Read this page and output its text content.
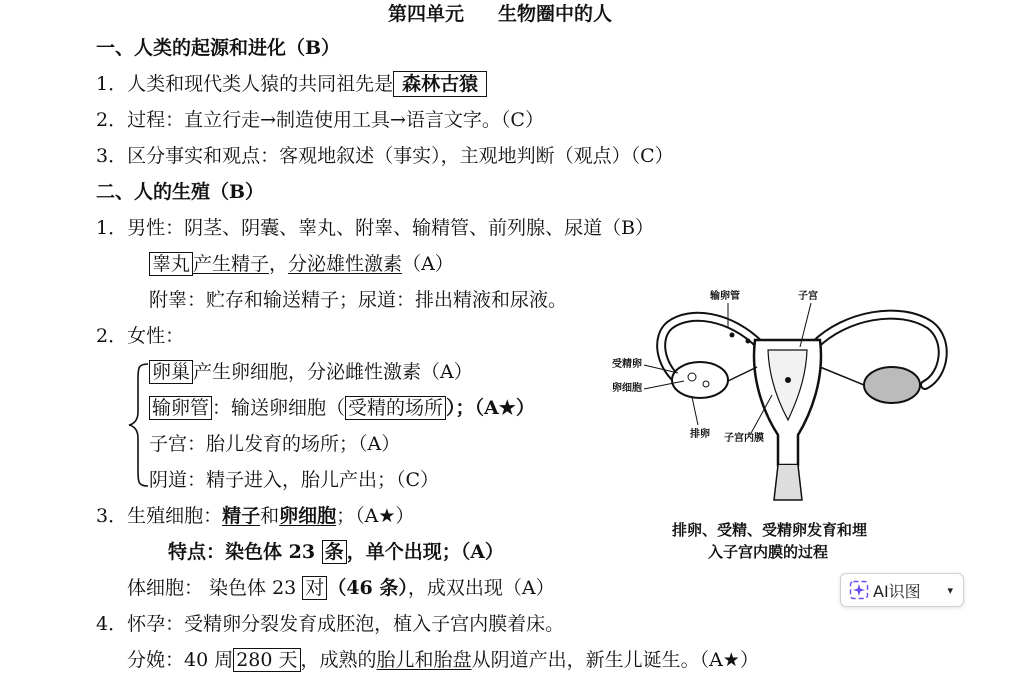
第四单元 生物圈中的人
一、人类的起源和进化（B）
1．人类和现代类人猿的共同祖先是 森林古猿
2．过程：直立行走→制造使用工具→语言文字。（C）
3．区分事实和观点：客观地叙述（事实），主观地判断（观点）（C）
二、人的生殖（B）
1．男性：阴茎、阴囊、睾丸、附睾、输精管、前列腺、尿道（B）
睾丸 产生精子，分泌雄性激素（A）
附睾：贮存和输送精子；尿道：排出精液和尿液。
2．女性：
卵巢 产生卵细胞，分泌雌性激素（A）
输卵管 ：输送卵细胞（ 受精的场所 ）；（A★）
子宫：胎儿发育的场所；（A）
阴道：精子进入，胎儿产出；（C）
3．生殖细胞：精子和卵细胞；（A★）
特点：染色体 23 条 ，单个出现；（A）
体细胞： 染色体 23 对 （46 条），成双出现（A）
4．怀孕：受精卵分裂发育成胚泡，植入子宫内膜着床。
分娩：40 周 280 天 ，成熟的胎儿和胎盘从阴道产出，新生儿诞生。（A★）
输卵管	子宫
受精卵
卵细胞
排卵 子宫内膜
排卵、受精、受精卵发育和埋
入子宫内膜的过程
AI识图 ▾
